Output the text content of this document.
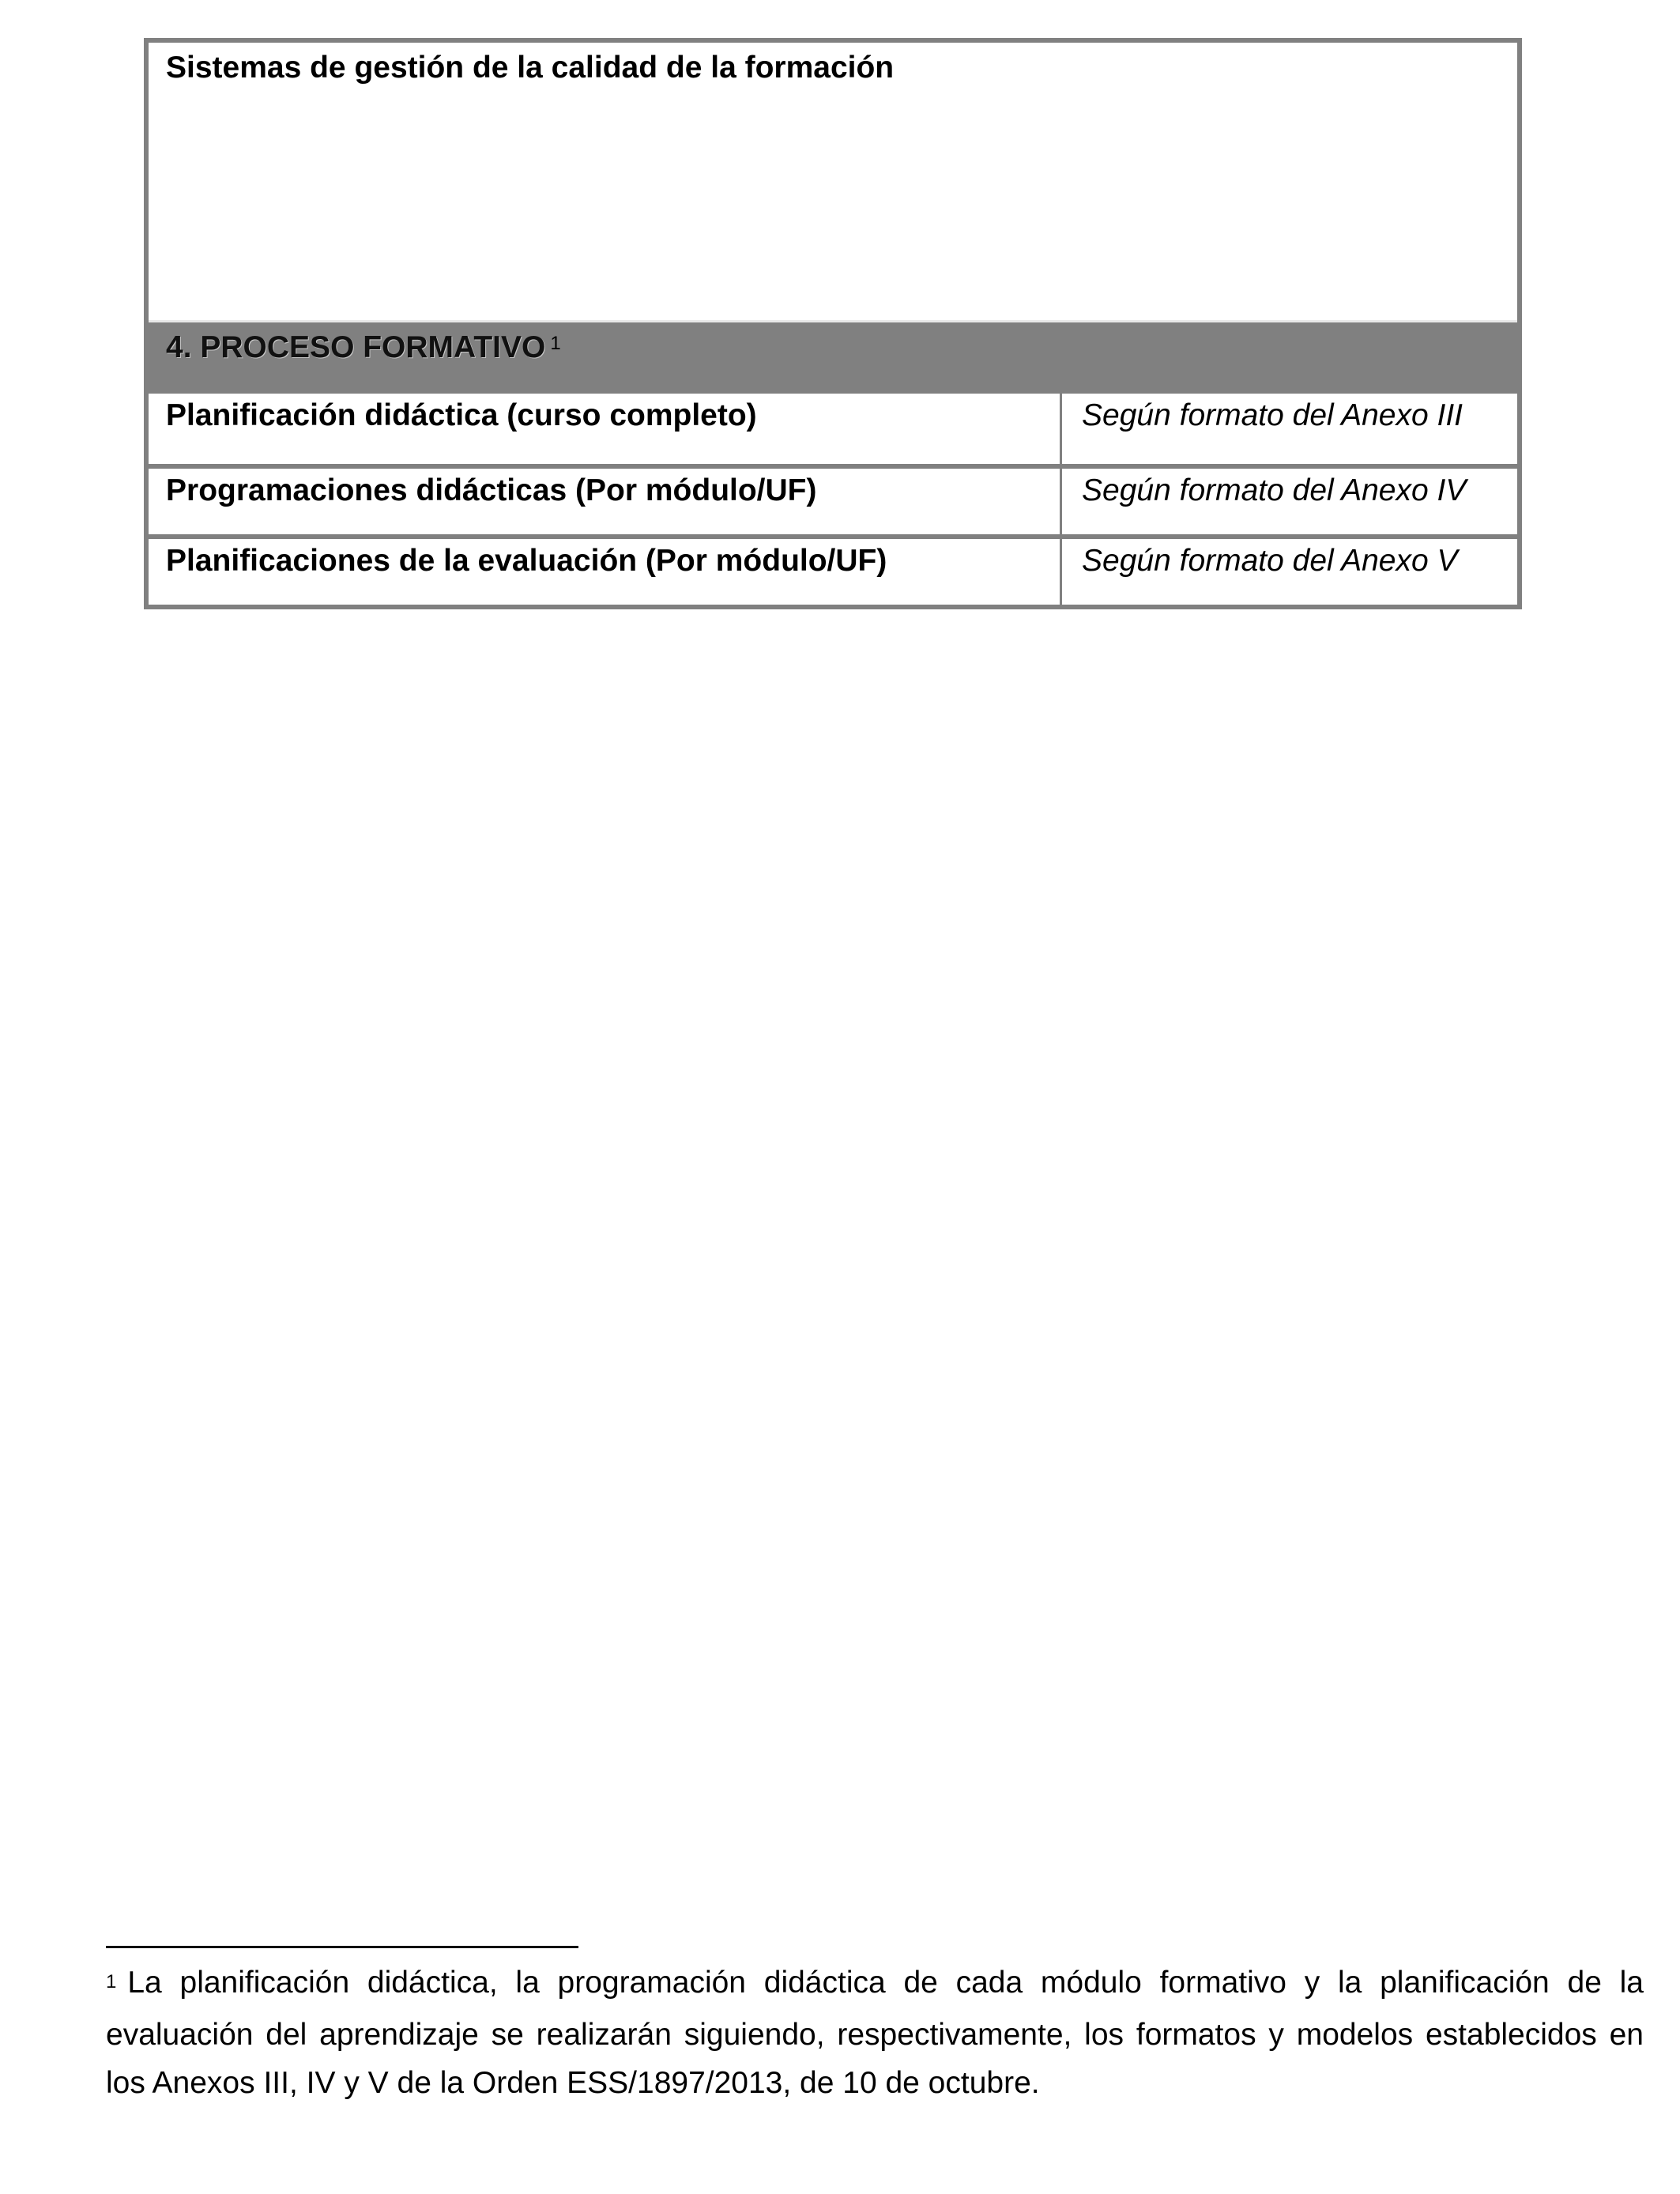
Sistemas de gestión de la calidad de la formación
4. PROCESO FORMATIVO $^1$
Planificación didáctica (curso completo)	Según formato del Anexo III
Programaciones didácticas (Por módulo/UF)	Según formato del Anexo IV
Planificaciones de la evaluación (Por módulo/UF)	Según formato del Anexo V
$^1$ La planificación didáctica, la programación didáctica de cada módulo formativo y la planificación de la evaluación del aprendizaje se realizarán siguiendo, respectivamente, los formatos y modelos establecidos en los Anexos III, IV y V de la Orden ESS/1897/2013, de 10 de octubre.
